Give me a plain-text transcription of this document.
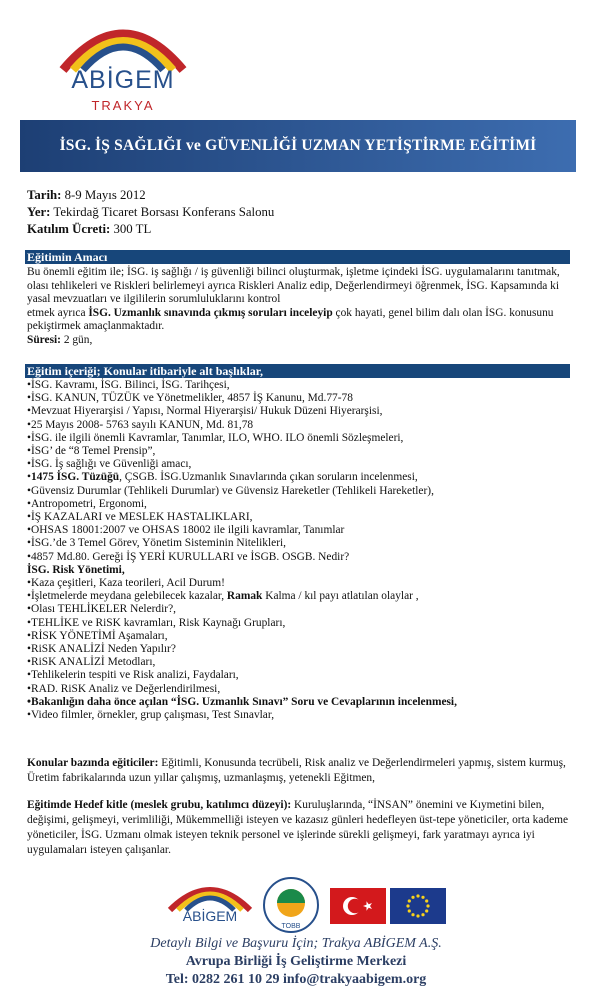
ABİGEM
TRAKYA
İSG. İŞ SAĞLIĞI ve GÜVENLİĞİ UZMAN YETİŞTİRME EĞİTİMİ
Tarih: 8-9 Mayıs 2012
Yer: Tekirdağ Ticaret Borsası Konferans Salonu
Katılım Ücreti: 300 TL
Eğitimin Amacı

Bu önemli eğitim ile; İSG. iş sağlığı / iş güvenliği bilinci oluşturmak, işletme içindeki İSG. uygulamalarını tanıtmak, olası tehlikeleri ve Riskleri belirlemeyi ayrıca Riskleri Analiz edip, Değerlendirmeyi öğrenmek, İSG. Kapsamında ki yasal mevzuatları ve ilgililerin sorumluluklarını kontrol

etmek ayrıca İSG. Uzmanlık sınavında çıkmış soruları inceleyip çok hayati, genel bilim dalı olan İSG. konusunu pekiştirmek amaçlanmaktadır.

Süresi: 2 gün,

Eğitim içeriği; Konular itibariyle alt başlıklar,
• İSG. Kavramı, İSG. Bilinci, İSG. Tarihçesi,
• İSG. KANUN, TÜZÜK ve Yönetmelikler, 4857 İŞ Kanunu, Md.77-78
• Mevzuat Hiyerarşisi / Yapısı, Normal Hiyerarşisi/ Hukuk Düzeni Hiyerarşisi,
• 25 Mayıs 2008- 5763 sayılı KANUN, Md. 81,78
• İSG. ile ilgili önemli Kavramlar, Tanımlar, ILO, WHO. ILO önemli Sözleşmeleri,
• İSG’ de “8 Temel Prensip”,
• İSG. İş sağlığı ve Güvenliği amacı,
• 1475 İSG. Tüzüğü, ÇSGB. İSG.Uzmanlık Sınavlarında çıkan soruların incelenmesi,
• Güvensiz Durumlar (Tehlikeli Durumlar) ve Güvensiz Hareketler (Tehlikeli Hareketler),
• Antropometri, Ergonomi,
• İŞ KAZALARI ve MESLEK HASTALIKLARI,
• OHSAS 18001:2007 ve OHSAS 18002 ile ilgili kavramlar, Tanımlar
• İSG.’de 3 Temel Görev, Yönetim Sisteminin Nitelikleri,
• 4857 Md.80. Gereği İŞ YERİ KURULLARI ve İSGB. OSGB. Nedir?
İSG. Risk Yönetimi,
• Kaza çeşitleri, Kaza teorileri, Acil Durum!
• İşletmelerde meydana gelebilecek kazalar, Ramak Kalma / kıl payı atlatılan olaylar ,
• Olası TEHLİKELER Nelerdir?,
• TEHLİKE ve RiSK kavramları, Risk Kaynağı Grupları,
• RİSK YÖNETİMİ Aşamaları,
• RiSK ANALİZİ Neden Yapılır?
• RiSK ANALİZİ Metodları,
• Tehlikelerin tespiti ve Risk analizi, Faydaları,
• RAD. RiSK Analiz ve Değerlendirilmesi,
• Bakanlığın daha önce açılan “İSG. Uzmanlık Sınavı” Soru ve Cevaplarının incelenmesi,
• Video filmler, örnekler, grup çalışması, Test Sınavlar,
Konular bazında eğiticiler: Eğitimli, Konusunda tecrübeli, Risk analiz ve Değerlendirmeleri yapmış, sistem kurmuş, Üretim fabrikalarında uzun yıllar çalışmış, uzmanlaşmış, yetenekli Eğitmen,
Eğitimde Hedef kitle (meslek grubu, katılımcı düzeyi): Kuruluşlarında, “İNSAN” önemini ve Kıymetini bilen, değişimi, gelişmeyi, verimliliği, Mükemmelliği isteyen ve kazasız günleri hedefleyen üst-tepe yöneticiler, orta kademe yöneticiler, İSG. Uzmanı olmak isteyen teknik personel ve işlerinde sürekli gelişmeyi, fark yaratmayı ayrıca iyi uygulamaları isteyen çalışanlar.
ABİGEM
TOBB
Detaylı Bilgi ve Başvuru İçin; Trakya ABİGEM A.Ş.
Avrupa Birliği İş Geliştirme Merkezi
Tel: 0282 261 10 29 info@trakyaabigem.org
